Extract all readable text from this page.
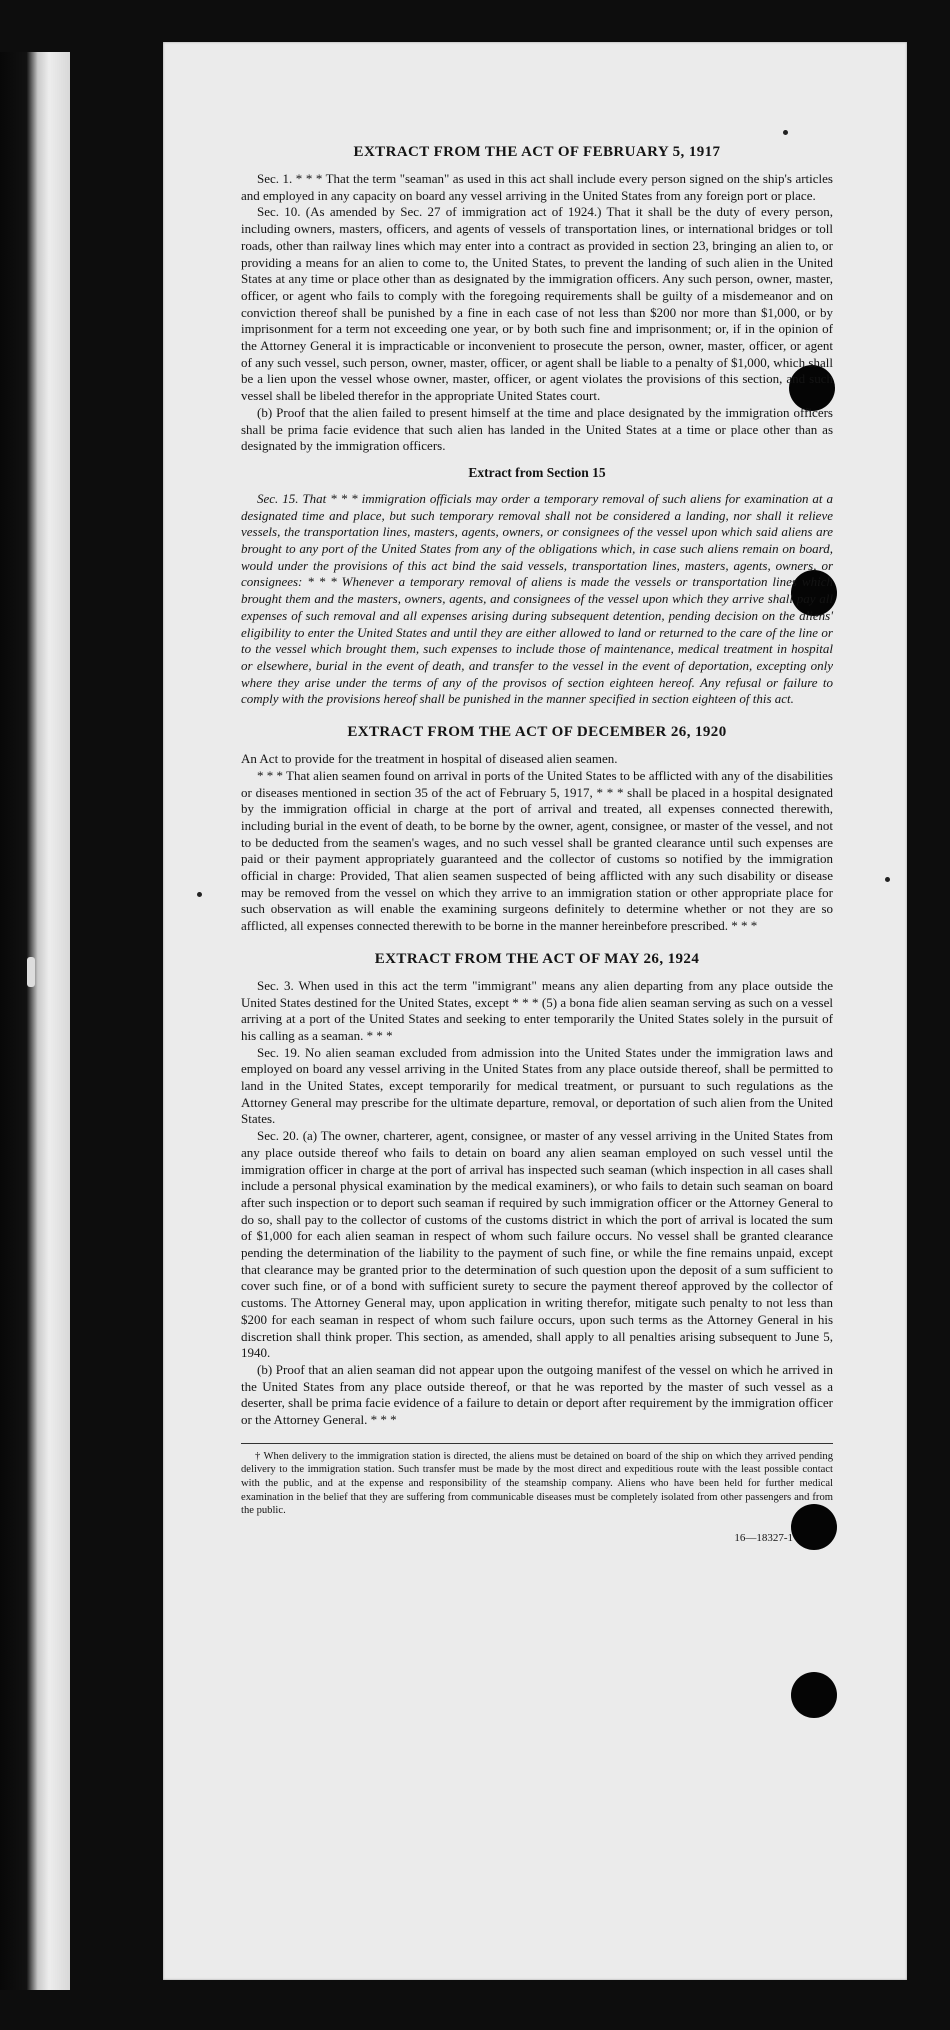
EXTRACT FROM THE ACT OF FEBRUARY 5, 1917

Sec. 1. * * * That the term "seaman" as used in this act shall include every person signed on the ship's articles and employed in any capacity on board any vessel arriving in the United States from any foreign port or place.

Sec. 10. (As amended by Sec. 27 of immigration act of 1924.) That it shall be the duty of every person, including owners, masters, officers, and agents of vessels of transportation lines, or international bridges or toll roads, other than railway lines which may enter into a contract as provided in section 23, bringing an alien to, or providing a means for an alien to come to, the United States, to prevent the landing of such alien in the United States at any time or place other than as designated by the immigration officers. Any such person, owner, master, officer, or agent who fails to comply with the foregoing requirements shall be guilty of a misdemeanor and on conviction thereof shall be punished by a fine in each case of not less than $200 nor more than $1,000, or by imprisonment for a term not exceeding one year, or by both such fine and imprisonment; or, if in the opinion of the Attorney General it is impracticable or inconvenient to prosecute the person, owner, master, officer, or agent of any such vessel, such person, owner, master, officer, or agent shall be liable to a penalty of $1,000, which shall be a lien upon the vessel whose owner, master, officer, or agent violates the provisions of this section, and such vessel shall be libeled therefor in the appropriate United States court.

(b) Proof that the alien failed to present himself at the time and place designated by the immigration officers shall be prima facie evidence that such alien has landed in the United States at a time or place other than as designated by the immigration officers.

Extract from Section 15

Sec. 15. That * * * immigration officials may order a temporary removal of such aliens for examination at a designated time and place, but such temporary removal shall not be considered a landing, nor shall it relieve vessels, the transportation lines, masters, agents, owners, or consignees of the vessel upon which said aliens are brought to any port of the United States from any of the obligations which, in case such aliens remain on board, would under the provisions of this act bind the said vessels, transportation lines, masters, agents, owners, or consignees: * * * Whenever a temporary removal of aliens is made the vessels or transportation lines which brought them and the masters, owners, agents, and consignees of the vessel upon which they arrive shall pay all expenses of such removal and all expenses arising during subsequent detention, pending decision on the aliens' eligibility to enter the United States and until they are either allowed to land or returned to the care of the line or to the vessel which brought them, such expenses to include those of maintenance, medical treatment in hospital or elsewhere, burial in the event of death, and transfer to the vessel in the event of deportation, excepting only where they arise under the terms of any of the provisos of section eighteen hereof. Any refusal or failure to comply with the provisions hereof shall be punished in the manner specified in section eighteen of this act.

EXTRACT FROM THE ACT OF DECEMBER 26, 1920

An Act to provide for the treatment in hospital of diseased alien seamen.

* * * That alien seamen found on arrival in ports of the United States to be afflicted with any of the disabilities or diseases mentioned in section 35 of the act of February 5, 1917, * * * shall be placed in a hospital designated by the immigration official in charge at the port of arrival and treated, all expenses connected therewith, including burial in the event of death, to be borne by the owner, agent, consignee, or master of the vessel, and not to be deducted from the seamen's wages, and no such vessel shall be granted clearance until such expenses are paid or their payment appropriately guaranteed and the collector of customs so notified by the immigration official in charge: Provided, That alien seamen suspected of being afflicted with any such disability or disease may be removed from the vessel on which they arrive to an immigration station or other appropriate place for such observation as will enable the examining surgeons definitely to determine whether or not they are so afflicted, all expenses connected therewith to be borne in the manner hereinbefore prescribed. * * *

EXTRACT FROM THE ACT OF MAY 26, 1924

Sec. 3. When used in this act the term "immigrant" means any alien departing from any place outside the United States destined for the United States, except * * * (5) a bona fide alien seaman serving as such on a vessel arriving at a port of the United States and seeking to enter temporarily the United States solely in the pursuit of his calling as a seaman. * * *

Sec. 19. No alien seaman excluded from admission into the United States under the immigration laws and employed on board any vessel arriving in the United States from any place outside thereof, shall be permitted to land in the United States, except temporarily for medical treatment, or pursuant to such regulations as the Attorney General may prescribe for the ultimate departure, removal, or deportation of such alien from the United States.

Sec. 20. (a) The owner, charterer, agent, consignee, or master of any vessel arriving in the United States from any place outside thereof who fails to detain on board any alien seaman employed on such vessel until the immigration officer in charge at the port of arrival has inspected such seaman (which inspection in all cases shall include a personal physical examination by the medical examiners), or who fails to detain such seaman on board after such inspection or to deport such seaman if required by such immigration officer or the Attorney General to do so, shall pay to the collector of customs of the customs district in which the port of arrival is located the sum of $1,000 for each alien seaman in respect of whom such failure occurs. No vessel shall be granted clearance pending the determination of the liability to the payment of such fine, or while the fine remains unpaid, except that clearance may be granted prior to the determination of such question upon the deposit of a sum sufficient to cover such fine, or of a bond with sufficient surety to secure the payment thereof approved by the collector of customs. The Attorney General may, upon application in writing therefor, mitigate such penalty to not less than $200 for each seaman in respect of whom such failure occurs, upon such terms as the Attorney General in his discretion shall think proper. This section, as amended, shall apply to all penalties arising subsequent to June 5, 1940.

(b) Proof that an alien seaman did not appear upon the outgoing manifest of the vessel on which he arrived in the United States from any place outside thereof, or that he was reported by the master of such vessel as a deserter, shall be prima facie evidence of a failure to detain or deport after requirement by the immigration officer or the Attorney General. * * *

† When delivery to the immigration station is directed, the aliens must be detained on board of the ship on which they arrived pending delivery to the immigration station. Such transfer must be made by the most direct and expeditious route with the least possible contact with the public, and at the expense and responsibility of the steamship company. Aliens who have been held for further medical examination in the belief that they are suffering from communicable diseases must be completely isolated from other passengers and from the public.
16—18327-1
